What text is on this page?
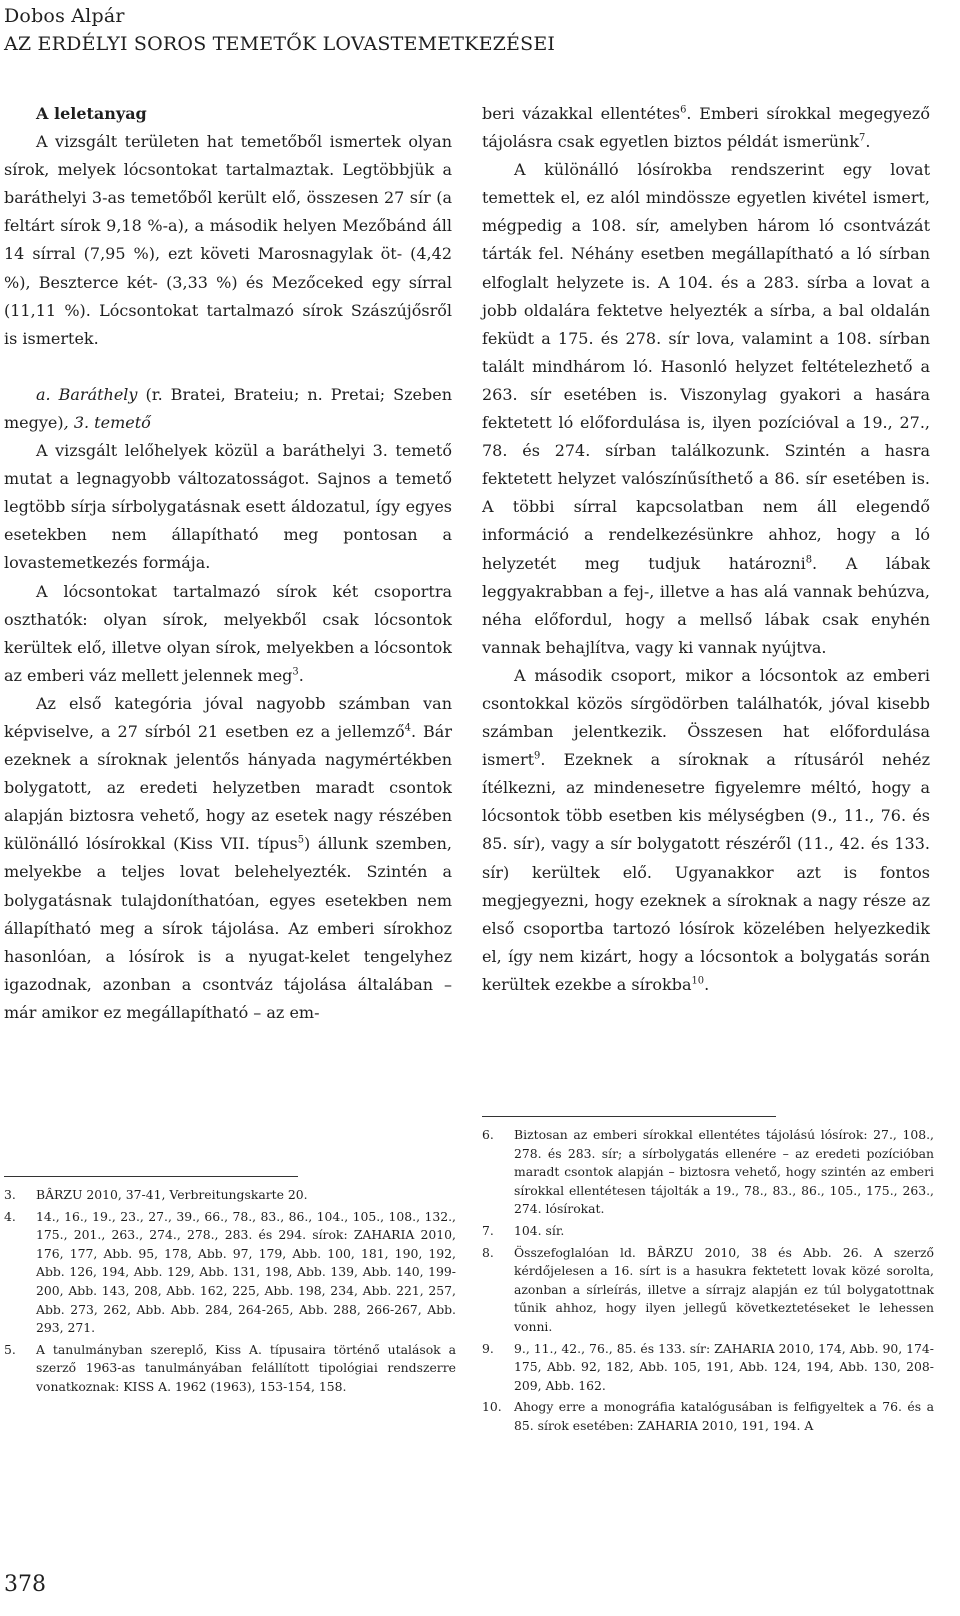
Dobos Alpár
AZ ERDÉLYI SOROS TEMETŐK LOVASTEMETKEZÉSEI

A leletanyag

A vizsgált területen hat temetőből ismertek olyan sírok, melyek lócsontokat tartalmaztak. Legtöbbjük a baráthelyi 3-as temetőből került elő, összesen 27 sír (a feltárt sírok 9,18 %-a), a második helyen Mezőbánd áll 14 sírral (7,95 %), ezt követi Marosnagylak öt- (4,42 %), Beszterce két- (3,33 %) és Mezőceked egy sírral (11,11 %). Lócsontokat tartalmazó sírok Szászújősről is ismertek.

a. Baráthely (r. Bratei, Brateiu; n. Pretai; Szeben megye), 3. temető

A vizsgált lelőhelyek közül a baráthelyi 3. temető mutat a legnagyobb változatosságot. Sajnos a temető legtöbb sírja sírbolygatásnak esett áldozatul, így egyes esetekben nem állapítható meg pontosan a lovastemetkezés formája.

A lócsontokat tartalmazó sírok két csoportra oszthatók: olyan sírok, melyekből csak lócsontok kerültek elő, illetve olyan sírok, melyekben a lócsontok az emberi váz mellett jelennek meg$^3$.

Az első kategória jóval nagyobb számban van képviselve, a 27 sírból 21 esetben ez a jellemző$^4$. Bár ezeknek a síroknak jelentős hányada nagymértékben bolygatott, az eredeti helyzetben maradt csontok alapján biztosra vehető, hogy az esetek nagy részében különálló lósírokkal (Kiss VII. típus$^5$) állunk szemben, melyekbe a teljes lovat belehelyezték. Szintén a bolygatásnak tulajdoníthatóan, egyes esetekben nem állapítható meg a sírok tájolása. Az emberi sírokhoz hasonlóan, a lósírok is a nyugat-kelet tengelyhez igazodnak, azonban a csontváz tájolása általában – már amikor ez megállapítható – az em-

beri vázakkal ellentétes$^6$. Emberi sírokkal megegyező tájolásra csak egyetlen biztos példát ismerünk$^7$.

A különálló lósírokba rendszerint egy lovat temettek el, ez alól mindössze egyetlen kivétel ismert, mégpedig a 108. sír, amelyben három ló csontvázát tárták fel. Néhány esetben megállapítható a ló sírban elfoglalt helyzete is. A 104. és a 283. sírba a lovat a jobb oldalára fektetve helyezték a sírba, a bal oldalán feküdt a 175. és 278. sír lova, valamint a 108. sírban talált mindhárom ló. Hasonló helyzet feltételezhető a 263. sír esetében is. Viszonylag gyakori a hasára fektetett ló előfordulása is, ilyen pozícióval a 19., 27., 78. és 274. sírban találkozunk. Szintén a hasra fektetett helyzet valószínűsíthető a 86. sír esetében is. A többi sírral kapcsolatban nem áll elegendő információ a rendelkezésünkre ahhoz, hogy a ló helyzetét meg tudjuk határozni$^8$. A lábak leggyakrabban a fej-, illetve a has alá vannak behúzva, néha előfordul, hogy a mellső lábak csak enyhén vannak behajlítva, vagy ki vannak nyújtva.

A második csoport, mikor a lócsontok az emberi csontokkal közös sírgödörben találhatók, jóval kisebb számban jelentkezik. Összesen hat előfordulása ismert$^9$. Ezeknek a síroknak a rítusáról nehéz ítélkezni, az mindenesetre figyelemre méltó, hogy a lócsontok több esetben kis mélységben (9., 11., 76. és 85. sír), vagy a sír bolygatott részéről (11., 42. és 133. sír) kerültek elő. Ugyanakkor azt is fontos megjegyezni, hogy ezeknek a síroknak a nagy része az első csoportba tartozó lósírok közelében helyezkedik el, így nem kizárt, hogy a lócsontok a bolygatás során kerültek ezekbe a sírokba$^{10}$.

3.	BÂRZU 2010, 37-41, Verbreitungskarte 20.
4.	14., 16., 19., 23., 27., 39., 66., 78., 83., 86., 104., 105., 108., 132., 175., 201., 263., 274., 278., 283. és 294. sírok: ZAHARIA 2010, 176, 177, Abb. 95, 178, Abb. 97, 179, Abb. 100, 181, 190, 192, Abb. 126, 194, Abb. 129, Abb. 131, 198, Abb. 139, Abb. 140, 199-200, Abb. 143, 208, Abb. 162, 225, Abb. 198, 234, Abb. 221, 257, Abb. 273, 262, Abb. Abb. 284, 264-265, Abb. 288, 266-267, Abb. 293, 271.
5.	A tanulmányban szereplő, Kiss A. típusaira történő utalások a szerző 1963-as tanulmányában felállított tipológiai rendszerre vonatkoznak: KISS A. 1962 (1963), 153-154, 158.
6.	Biztosan az emberi sírokkal ellentétes tájolású lósírok: 27., 108., 278. és 283. sír; a sírbolygatás ellenére – az eredeti pozícióban maradt csontok alapján – biztosra vehető, hogy szintén az emberi sírokkal ellentétesen tájolták a 19., 78., 83., 86., 105., 175., 263., 274. lósírokat.
7.	104. sír.
8.	Összefoglalóan ld. BÂRZU 2010, 38 és Abb. 26. A szerző kérdőjelesen a 16. sírt is a hasukra fektetett lovak közé sorolta, azonban a sírleírás, illetve a sírrajz alapján ez túl bolygatottnak tűnik ahhoz, hogy ilyen jellegű következtetéseket le lehessen vonni.
9.	9., 11., 42., 76., 85. és 133. sír: ZAHARIA 2010, 174, Abb. 90, 174-175, Abb. 92, 182, Abb. 105, 191, Abb. 124, 194, Abb. 130, 208-209, Abb. 162.
10. Ahogy erre a monográfia katalógusában is felfigyeltek a 76. és a 85. sírok esetében: ZAHARIA 2010, 191, 194. A
378
